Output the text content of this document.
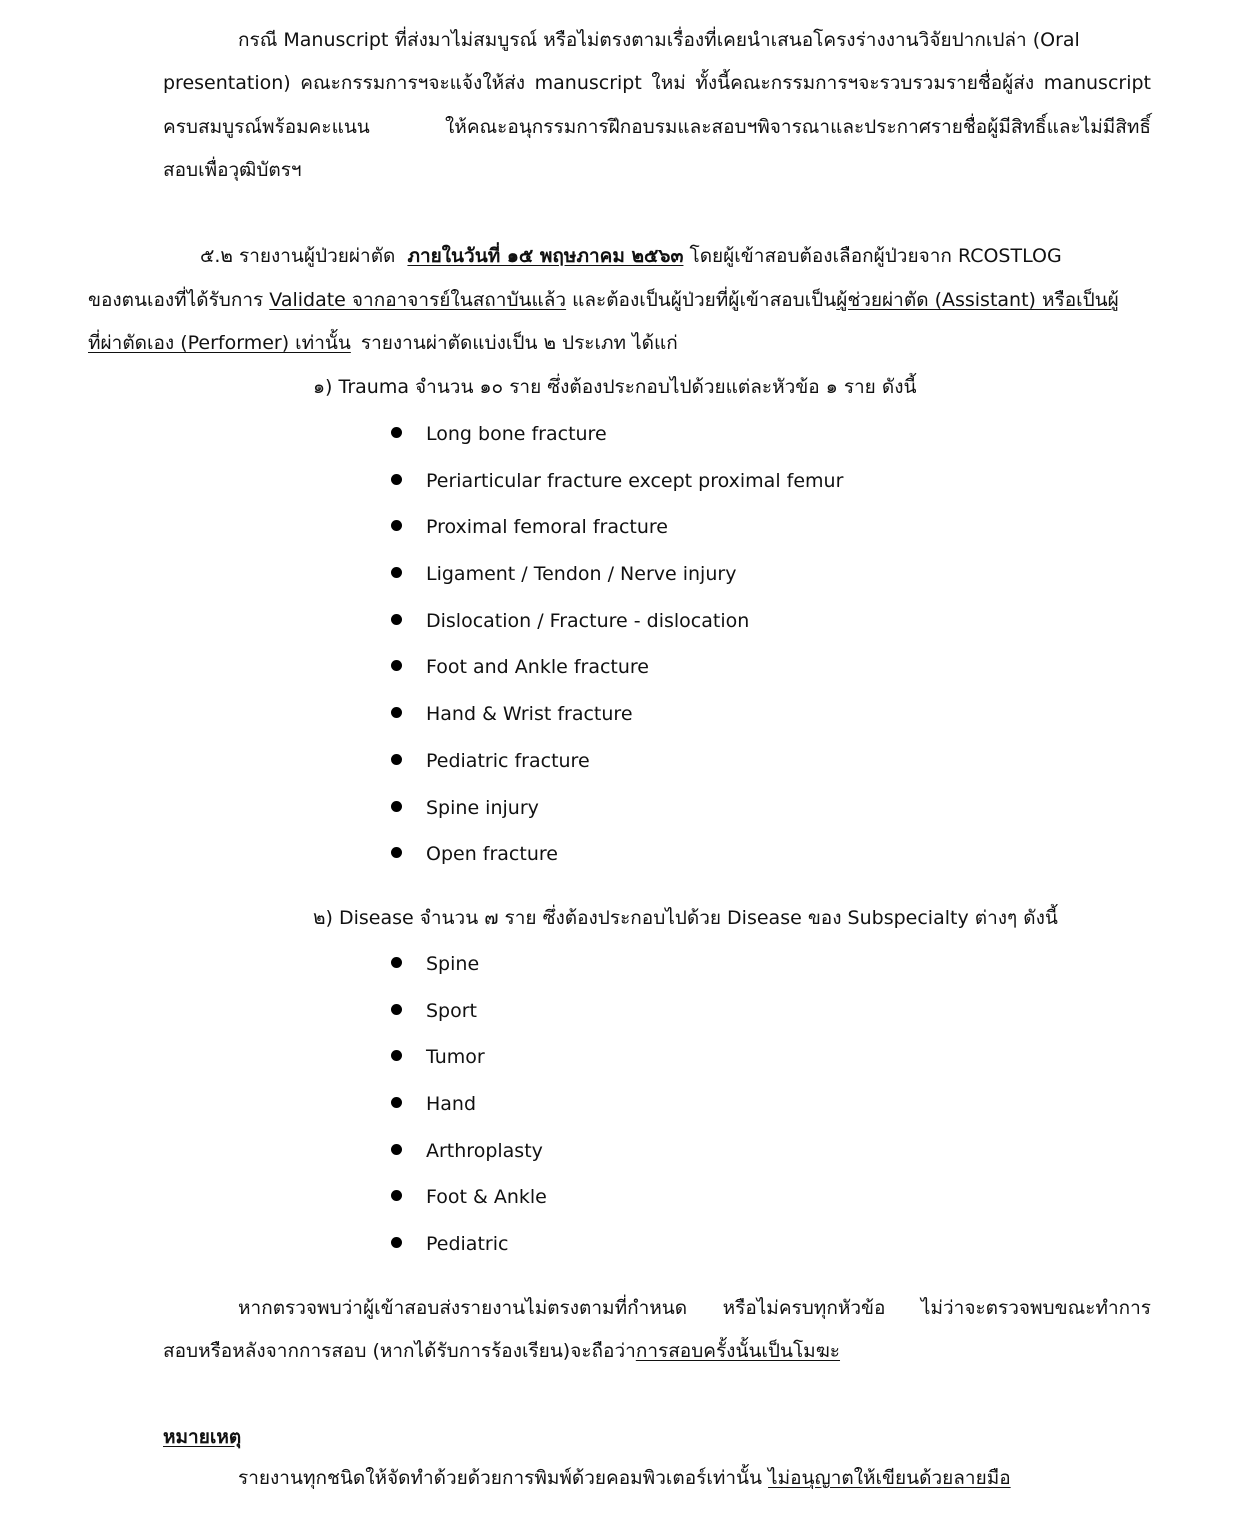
กรณี Manuscript ที่ส่งมาไม่สมบูรณ์ หรือไม่ตรงตามเรื่องที่เคยนำเสนอโครงร่างงานวิจัยปากเปล่า (Oral
presentation) คณะกรรมการฯจะแจ้งให้ส่ง manuscript ใหม่ ทั้งนี้คณะกรรมการฯจะรวบรวมรายชื่อผู้ส่ง manuscript
ครบสมบูรณ์พร้อมคะแนน ให้คณะอนุกรรมการฝึกอบรมและสอบฯพิจารณาและประกาศรายชื่อผู้มีสิทธิ์และไม่มีสิทธิ์
สอบเพื่อวุฒิบัตรฯ
๕.๒ รายงานผู้ป่วยผ่าตัด ภายในวันที่ ๑๕ พฤษภาคม ๒๕๖๓ โดยผู้เข้าสอบต้องเลือกผู้ป่วยจาก RCOSTLOG
ของตนเองที่ได้รับการ Validate จากอาจารย์ในสถาบันแล้ว และต้องเป็นผู้ป่วยที่ผู้เข้าสอบเป็นผู้ช่วยผ่าตัด (Assistant) หรือเป็นผู้
ที่ผ่าตัดเอง (Performer) เท่านั้น รายงานผ่าตัดแบ่งเป็น ๒ ประเภท ได้แก่
๑) Trauma จำนวน ๑๐ ราย ซึ่งต้องประกอบไปด้วยแต่ละหัวข้อ ๑ ราย ดังนี้
Long bone fracture
Periarticular fracture except proximal femur
Proximal femoral fracture
Ligament / Tendon / Nerve injury
Dislocation / Fracture - dislocation
Foot and Ankle fracture
Hand & Wrist fracture
Pediatric fracture
Spine injury
Open fracture
๒) Disease จำนวน ๗ ราย ซึ่งต้องประกอบไปด้วย Disease ของ Subspecialty ต่างๆ ดังนี้
Spine
Sport
Tumor
Hand
Arthroplasty
Foot & Ankle
Pediatric
หากตรวจพบว่าผู้เข้าสอบส่งรายงานไม่ตรงตามที่กำหนด หรือไม่ครบทุกหัวข้อ ไม่ว่าจะตรวจพบขณะทำการ
สอบหรือหลังจากการสอบ (หากได้รับการร้องเรียน)จะถือว่าการสอบครั้งนั้นเป็นโมฆะ
หมายเหตุ
รายงานทุกชนิดให้จัดทำด้วยด้วยการพิมพ์ด้วยคอมพิวเตอร์เท่านั้น ไม่อนุญาตให้เขียนด้วยลายมือ
